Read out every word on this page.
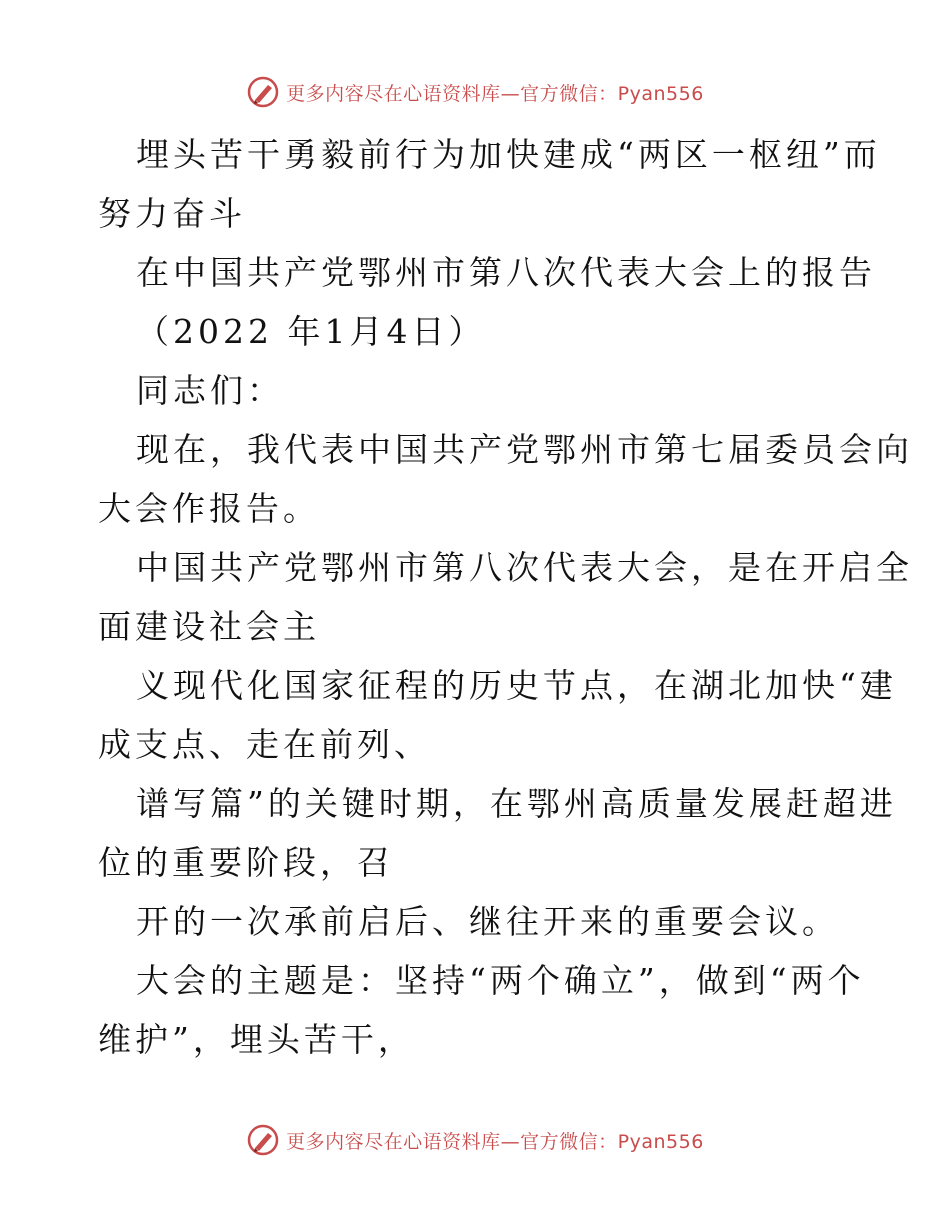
更多内容尽在心语资料库—官方微信：Pyan556

埋头苦干勇毅前行为加快建成“两区一枢纽”而

努力奋斗

在中国共产党鄂州市第八次代表大会上的报告

（2022 年1月4日）

同志们：

现在，我代表中国共产党鄂州市第七届委员会向

大会作报告。

中国共产党鄂州市第八次代表大会，是在开启全

面建设社会主

义现代化国家征程的历史节点，在湖北加快“建

成支点、走在前列、

谱写篇”的关键时期，在鄂州高质量发展赶超进

位的重要阶段，召

开的一次承前启后、继往开来的重要会议。

大会的主题是：坚持“两个确立”，做到“两个

维护”，埋头苦干，

更多内容尽在心语资料库—官方微信：Pyan556
